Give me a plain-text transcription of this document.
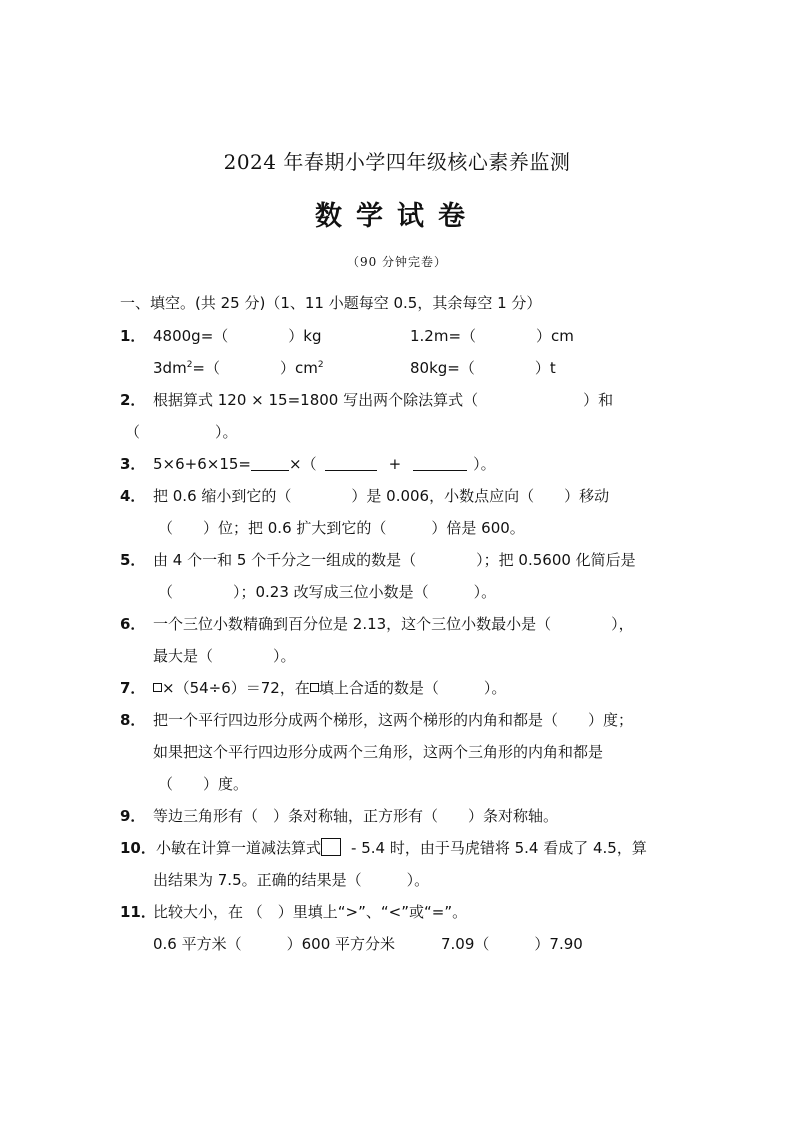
2024 年春期小学四年级核心素养监测
数学试卷
（90 分钟完卷）
一、填空。(共 25 分)（1、11 小题每空 0.5，其余每空 1 分）
1． 4800g=（　　　　）kg	1.2m=（　　　　）cm
$3dm^2=$（　　　　）$cm^2$	80kg=（　　　　）t
2． 根据算式 120 × 15=1800 写出两个除法算式（　　　　　　　）和
（　　　　　）。
3． 5×6+6×15=	×（	+	）。
4． 把 0.6 缩小到它的（　　　　）是 0.006，小数点应向（　　）移动
（　　）位；把 0.6 扩大到它的（　　　）倍是 600。
5． 由 4 个一和 5 个千分之一组成的数是（　　　　）；把 0.5600 化简后是
（　　　　）；0.23 改写成三位小数是（　　　）。
6． 一个三位小数精确到百分位是 2.13，这个三位小数最小是（　　　　），
最大是（　　　　）。
7．	×（54÷6）＝72，在 填上合适的数是（　　　）。
8． 把一个平行四边形分成两个梯形，这两个梯形的内角和都是（　　）度；
如果把这个平行四边形分成两个三角形，这两个三角形的内角和都是
（　　）度。
9． 等边三角形有（　）条对称轴，正方形有（　　）条对称轴。
10． 小敏在计算一道减法算式 - 5.4 时，由于马虎错将 5.4 看成了 4.5，算
出结果为 7.5。正确的结果是（　　　）。
11．
比较大小，在 （　）里填上“>”、“<”或“=”。
0.6 平方米（　　　）600 平方分米	7.09（　　　）7.90
